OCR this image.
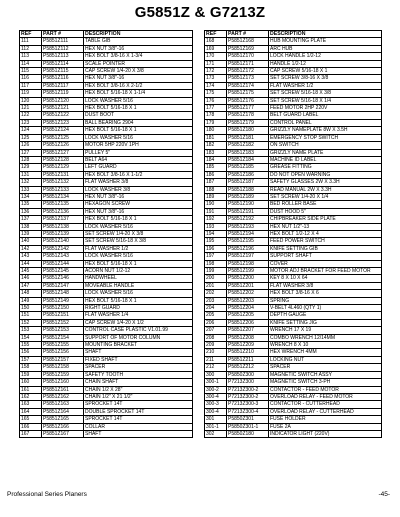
G5851Z & G7213Z
REF	PART #	DESCRIPTION
111	P5851Z111	TABLE GIB
112	P5851Z112	HEX NUT 3/8"-16
113	P5851Z113	HEX BOLT 3/8-16 X 1-3/4
114	P5851Z114	SCALE POINTER
115	P5851Z115	CAP SCREW 1/4-20 X 3/8
116	P5851Z116	HEX NUT 3/8"-16
117	P5851Z117	HEX BOLT 3/8-16 X 2-1/2
119	P5851Z119	HEX BOLT 5/16-18 X 1-1/4
120	P5851Z120	LOCK WASHER 5/16
121	P5851Z121	HEX BOLT 5/16-18 X 1
122	P5851Z122	DUST BOOT
123	P5851Z123	BALL BEARING 2904
124	P5851Z124	HEX BOLT 5/16-18 X 1
125	P5851Z125	LOCK WASHER 5/16
126	P5851Z126	MOTOR 5HP 220V 1PH
127	P5851Z127	PULLEY 5"
128	P5851Z128	BELT A64
129	P5851Z129	LEFT GUARD
131	P5851Z131	HEX BOLT 3/8-16 X 1-1/2
132	P5851Z132	FLAT WASHER 3/8
133	P5851Z133	LOCK WASHER 3/8
134	P5851Z134	HEX NUT 3/8"-16
135	P5851Z135	HEXAGON SCREW
136	P5851Z136	HEX NUT 3/8"-16
137	P5851Z137	HEX BOLT 5/16-18 X 1
138	P5851Z138	LOCK WASHER 5/16
139	P5851Z139	SET SCREW 1/4-20 X 3/8
140	P5851Z140	SET SCREW 5/16-18 X 3/8
142	P5851Z142	FLAT WASHER 1/2
143	P5851Z143	LOCK WASHER 5/16
144	P5851Z144	HEX BOLT 5/16-18 X 1
145	P5851Z145	ACORN NUT 1/2-12
146	P5851Z146	HANDWHEEL
147	P5851Z147	MOVEABLE HANDLE
148	P5851Z148	LOCK WASHER 5/16
149	P5851Z149	HEX BOLT 5/16-18 X 1
150	P5851Z150	RIGHT GUARD
151	P5851Z151	FLAT WASHER 1/4
152	P5851Z152	CAP SCREW 1/4-20 X 1/2
153	P5851Z153	CONTROL CASE PLASTIC V1.01.99
154	P5851Z154	SUPPORT OF MOTOR COLUMN
155	P5851Z155	MOUNTING BRACKET
156	P5851Z156	SHAFT
157	P5851Z157	FIXED SHAFT
158	P5851Z158	SPACER
159	P5851Z159	SAFETY TOOTH
160	P5851Z160	CHAIN SHAFT
161	P5851Z161	CHAIN 1/2 X 28"
162	P5851Z162	CHAIN 1/2" X 21 1/2"
163	P5851Z163	SPROCKET 14T
164	P5851Z164	DOUBLE SPROCKET 14T
165	P5851Z165	SPROCKET 14T
166	P5851Z166	COLLAR
167	P5851Z167	SHAFT
REF	PART #	DESCRIPTION
168	P5851Z168	HUB MOUNTING PLATE
169	P5851Z169	ARC HUB
170	P5851Z170	LOCK HANDLE 1/2-12
171	P5851Z171	HANDLE 1/2-12
172	P5851Z172	CAP SCREW 5/16-18 X 1
173	P5851Z173	SET SCREW 3/8-16 X 3/8
174	P5851Z174	FLAT WASHER 1/2
175	P5851Z175	SET SCREW 5/16-18 X 3/8
176	P5851Z176	SET SCREW 5/16-18 X 1/4
177	P5851Z177	FEED MOTOR 2HP 220V
178	P5851Z178	BELT GUARD LABEL
179	P5851Z179	CONTROL PANEL
180	P5851Z180	GRIZZLY NAMEPLATE 8W X 3.5H
181	P5851Z181	EMERGENCY STOP SWITCH
182	P5851Z182	ON SWITCH
183	P5851Z183	GRIZZLY NAME PLATE
184	P5851Z184	MACHINE ID LABEL
185	P5851Z185	GREASE FITTING
186	P5851Z186	DO NOT OPEN WARNING
187	P5851Z187	SAFETY GLASSES 2W X 3.3H
188	P5851Z188	READ MANUAL 2W X 3.3H
189	P5851Z189	SET SCREW 1/4-20 X 1/4
190	P5851Z190	BED ROLLER BASE
191	P5851Z191	DUST HOOD 5"
192	P5851Z192	CHIPBREAKER SIDE PLATE
193	P5851Z193	HEX NUT 1/2"-13
194	P5851Z194	HEX BOLT 1/2-12 X 4
195	P5851Z195	FEED POWER SWITCH
196	P5851Z196	KNIFE SETTING GIB
197	P5851Z197	SUPPORT SHAFT
198	P5851Z198	COVER
199	P5851Z199	MOTOR ADJ BRACKET FOR FEED MOTOR
200	P5851Z200	KEY 8 X 10 X 64
201	P5851Z201	FLAT WASHER 3/8
202	P5851Z202	HEX BOLT 3/8-16 X 6
203	P5851Z203	SPRING
204	P5851Z204	V-BELT 4L460 (QTY 1)
205	P5851Z205	DEPTH GAUGE
206	P5851Z206	KNIFE SETTING JIG
207	P5851Z207	WRENCH 17 X 19
208	P5851Z208	COMBO WRENCH 12/14MM
209	P5851Z209	WRENCH 8 X 10
210	P5851Z210	HEX WRENCH 4MM
211	P5851Z211	LOCKING NUT
212	P5851Z212	SPACER
300	P5850Z300	MAGNETIC SWITCH ASSY
300-1	P7213Z300	MAGNETIC SWITCH 3-PH
300-2	P7213Z300-2	CONTACTOR - FEED MOTOR
300-4	P7213Z300-2	OVERLOAD RELAY - FEED MOTOR
300-3	P7213Z300-3	CONTACTOR - CUTTERHEAD
300-4	P7213Z300-4	OVERLOAD RELAY - CUTTERHEAD
301	P5850Z301	FUSE HOLDER
301-1	P5850Z301-1	FUSE 2A
302	P5850Z180	INDICATOR LIGHT (220V)
Professional Series Planers	-45-
